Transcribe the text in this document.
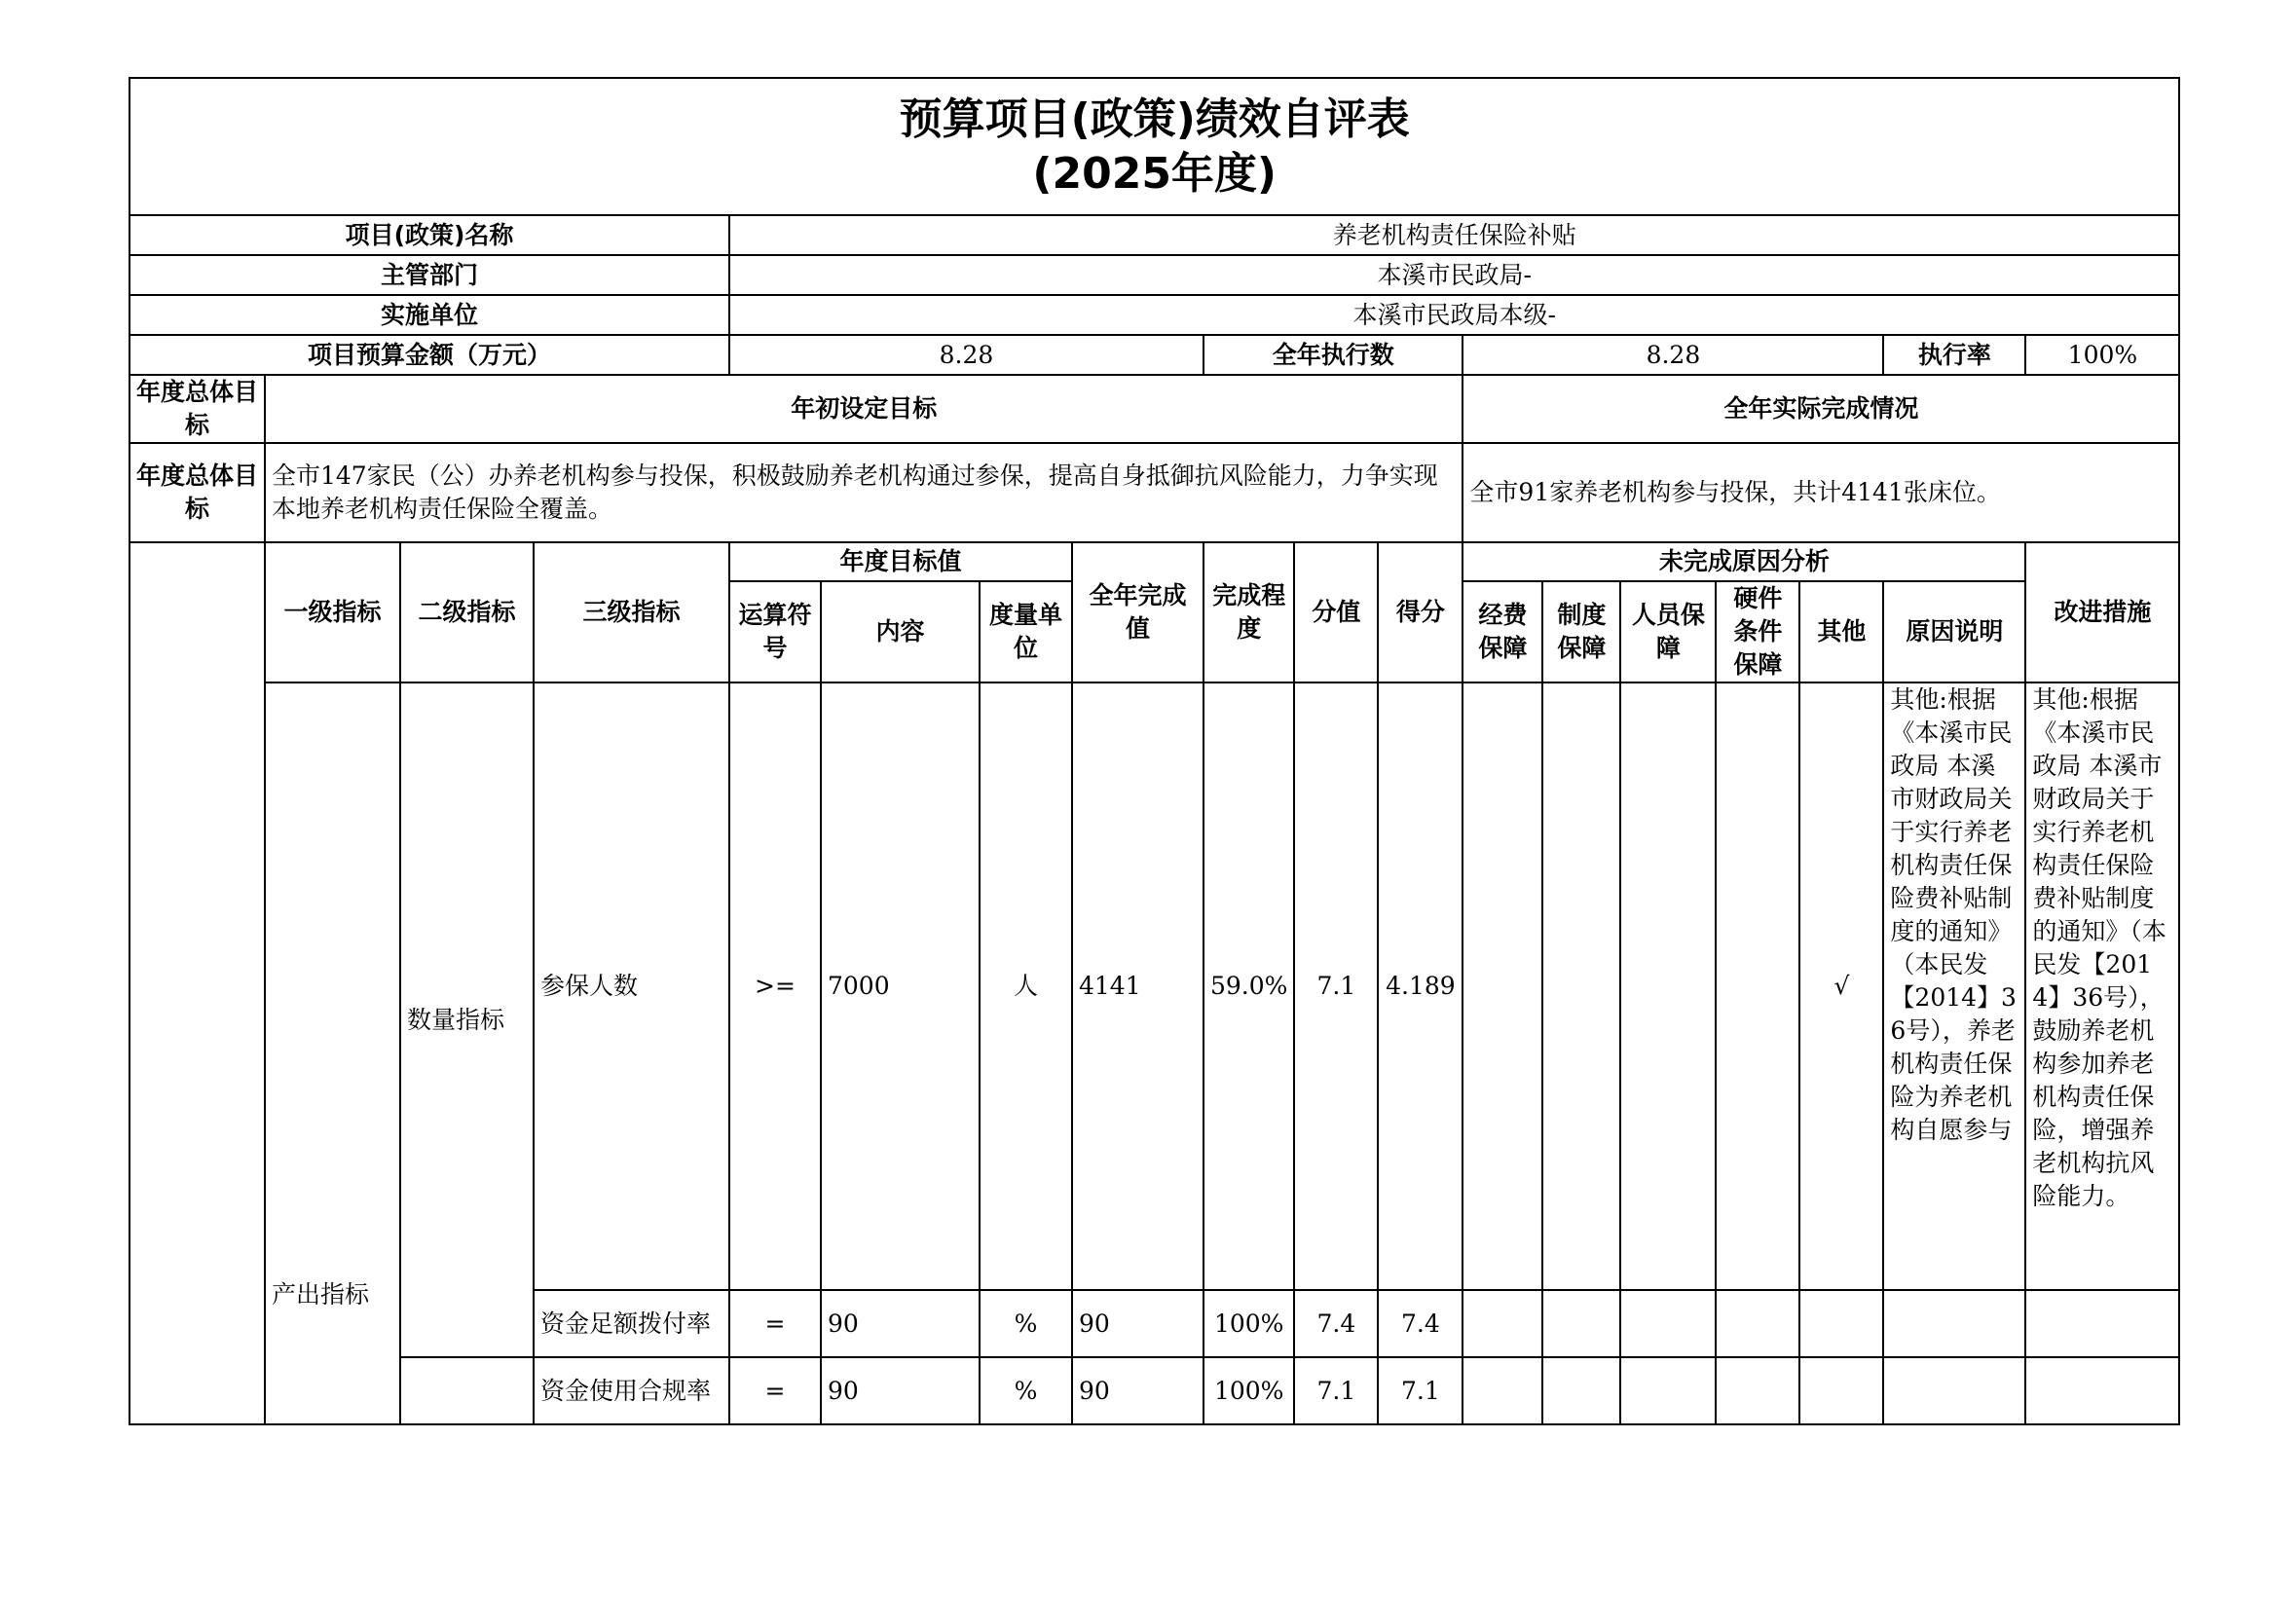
预算项目(政策)绩效自评表
(2025年度)																	

项目(政策)名称				养老机构责任保险补贴													
主管部门				本溪市民政局-													
实施单位				本溪市民政局本级-													
项目预算金额（万元）				8.28				全年执行数			8.28					执行率	100%
年度总体目标	年初设定目标										全年实际完成情况						
年度总体目标	全市147家民（公）办养老机构参与投保，积极鼓励养老机构通过参保，提高自身抵御抗风险能力，力争实现本地养老机构责任保险全覆盖。										全市91家养老机构参与投保，共计4141张床位。						
	一级指标	二级指标	三级指标	年度目标值			全年完成值	完成程度	分值	得分	未完成原因分析						改进措施
				运算符号	内容	度量单位					经费保障	制度保障	人员保障	硬件条件保障	其他	原因说明	
	产出指标	数量指标	参保人数	>=	7000	人	4141	59.0%	7.1	4.189					√	其他:根据《本溪市民政局 本溪市财政局关于实行养老机构责任保险费补贴制度的通知》（本民发【2014】36号），养老机构责任保险为养老机构自愿参与	其他:根据《本溪市民政局 本溪市财政局关于实行养老机构责任保险费补贴制度的通知》（本民发【2014】36号），鼓励养老机构参加养老机构责任保险，增强养老机构抗风险能力。
			资金足额拨付率	=	90	%	90	100%	7.4	7.4							
			资金使用合规率	=	90	%	90	100%	7.1	7.1							
